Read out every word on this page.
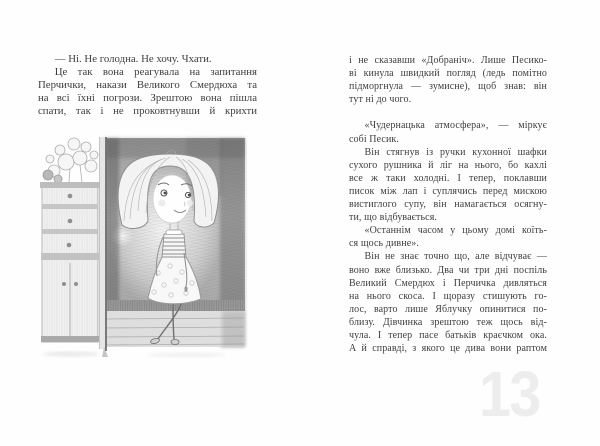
— Ні. Не голодна. Не хочу. Чхати.
Це так вона реагувала на запитання
Перчички, накази Великого Смердюха та
на всі їхні погрози. Зрештою вона пішла
спати, так і не проковтнувши й крихти
і не сказавши «Добраніч». Лише Песико-
ві кинула швидкий погляд (ледь помітно
підморгнула — зумисне), щоб знав: він
тут ні до чого.

«Чудернацька атмосфера», — міркує
собі Песик.
Він стягнув із ручки кухонної шафки
сухого рушника й ліг на нього, бо кахлі
все ж таки холодні. І тепер, поклавши
писок між лап і суплячись перед мискою
вистиглого супу, він намагається осягну-
ти, що відбувається.
«Останнім часом у цьому домі коїть-
ся щось дивне».
Він не знає точно що, але відчуває —
воно вже близько. Два чи три дні поспіль
Великий Смердюх і Перчичка дивляться
на нього скоса. І щоразу стишують го-
лос, варто лише Яблучку опинитися по-
близу. Дівчинка зрештою теж щось від-
чула. І тепер пасе батьків краєчком ока.
А й справді, з якого це дива вони раптом
13
